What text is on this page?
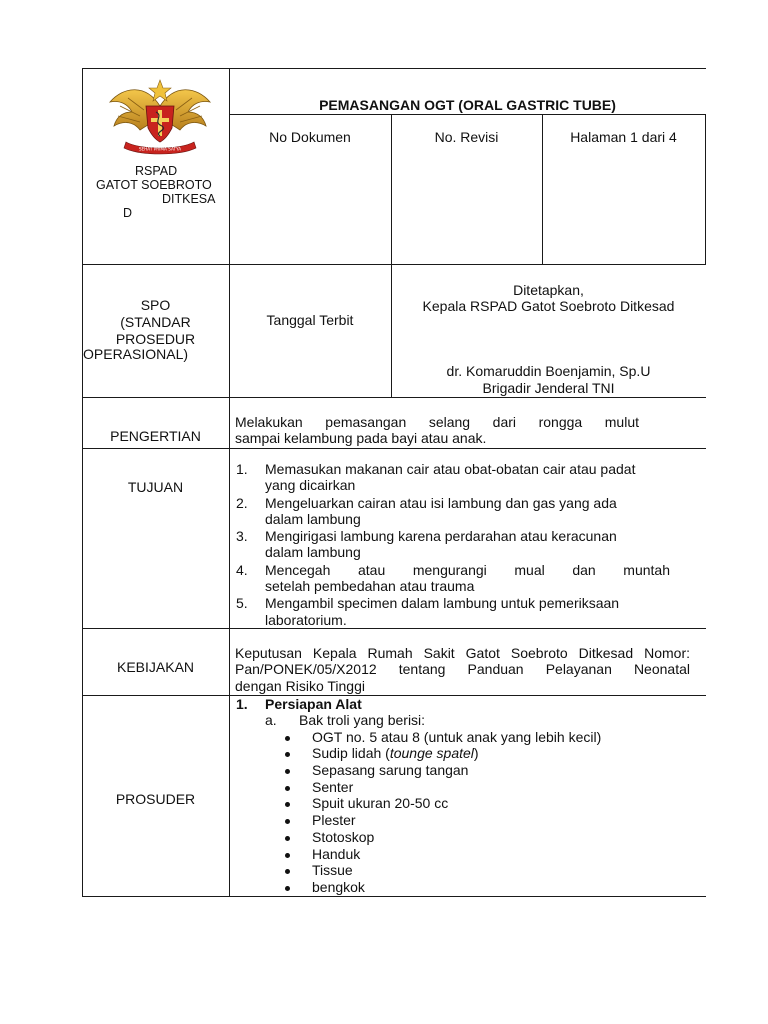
SEHAT PRIMA SATYA
RSPAD
GATOT SOEBROTO
DITKESA
D
PEMASANGAN OGT (ORAL GASTRIC TUBE)
No Dokumen	No. Revisi	Halaman 1 dari 4
SPO
(STANDAR
PROSEDUR
OPERASIONAL)
Tanggal Terbit
Ditetapkan,
Kepala RSPAD Gatot Soebroto Ditkesad
dr. Komaruddin Boenjamin, Sp.U
Brigadir Jenderal TNI
PENGERTIAN
Melakukan pemasangan selang dari rongga mulut
sampai kelambung pada bayi atau anak.
TUJUAN
1. Memasukan makanan cair atau obat-obatan cair atau padat
yang dicairkan
2. Mengeluarkan cairan atau isi lambung dan gas yang ada
dalam lambung
3. Mengirigasi lambung karena perdarahan atau keracunan
dalam lambung
4. Mencegah atau mengurangi mual dan muntah
setelah pembedahan atau trauma
5. Mengambil specimen dalam lambung untuk pemeriksaan
laboratorium.
KEBIJAKAN
Keputusan Kepala Rumah Sakit Gatot Soebroto Ditkesad Nomor:
Pan/PONEK/05/X2012 tentang Panduan Pelayanan Neonatal
dengan Risiko Tinggi
PROSUDER
1. Persiapan Alat
a. Bak troli yang berisi:
OGT no. 5 atau 8 (untuk anak yang lebih kecil)
Sudip lidah (tounge spatel)
Sepasang sarung tangan
Senter
Spuit ukuran 20-50 cc
Plester
Stotoskop
Handuk
Tissue
bengkok
